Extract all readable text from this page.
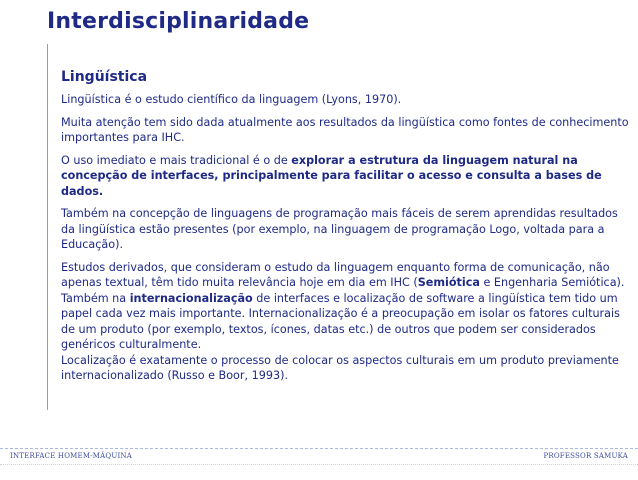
Interdisciplinaridade
Lingüística

Lingüística é o estudo científico da linguagem (Lyons, 1970).

Muita atenção tem sido dada atualmente aos resultados da lingüística como fontes de conhecimento importantes para IHC.

O uso imediato e mais tradicional é o de explorar a estrutura da linguagem natural na concepção de interfaces, principalmente para facilitar o acesso e consulta a bases de dados.

Também na concepção de linguagens de programação mais fáceis de serem aprendidas resultados da lingüística estão presentes (por exemplo, na linguagem de programação Logo, voltada para a Educação).

Estudos derivados, que consideram o estudo da linguagem enquanto forma de comunicação, não apenas textual, têm tido muita relevância hoje em dia em IHC (Semiótica e Engenharia Semiótica).

Também na internacionalização de interfaces e localização de software a lingüística tem tido um papel cada vez mais importante. Internacionalização é a preocupação em isolar os fatores culturais de um produto (por exemplo, textos, ícones, datas etc.) de outros que podem ser considerados genéricos culturalmente.

Localização é exatamente o processo de colocar os aspectos culturais em um produto previamente internacionalizado (Russo e Boor, 1993).

INTERFACE HOMEM-MÁQUINA	PROFESSOR SAMUKA
